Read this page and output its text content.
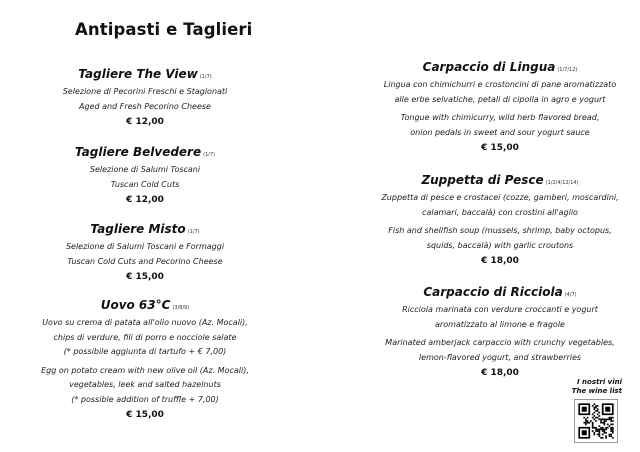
Antipasti e Taglieri
Tagliere The View (1/7)
Selezione di Pecorini Freschi e Stagionati
Aged and Fresh Pecorino Cheese
€ 12,00
Tagliere Belvedere (1/7)
Selezione di Salumi Toscani
Tuscan Cold Cuts
€ 12,00
Tagliere Misto (1/7)
Selezione di Salumi Toscani e Formaggi
Tuscan Cold Cuts and Pecorino Cheese
€ 15,00
Uovo 63°C (3/8/9)
Uovo su crema di patata all'olio nuovo (Az. Mocali),
chips di verdure, fili di porro e nocciole salate
(* possibile aggiunta di tartufo + € 7,00)
Egg on potato cream with new olive oil (Az. Mocali),
vegetables, leek and salted hazelnuts
(* possible addition of truffle + 7,00)
€ 15,00
Carpaccio di Lingua (1/7/12)
Lingua con chimichurri e crostoncini di pane aromatizzato
alle erbe selvatiche, petali di cipolla in agro e yogurt
Tongue with chimicurry, wild herb flavored bread,
onion pedals in sweet and sour yogurt sauce
€ 15,00
Zuppetta di Pesce (1/2/4/12/14)
Zuppetta di pesce e crostacei (cozze, gamberi, moscardini,
calamari, baccalà) con crostini all'aglio
Fish and shellfish soup (mussels, shrimp, baby octopus,
squids, baccalà) with garlic croutons
€ 18,00
Carpaccio di Ricciola (4/7)
Ricciola marinata con verdure croccanti e yogurt
aromatizzato al limone e fragole
Marinated amberjack carpaccio with crunchy vegetables,
lemon-flavored yogurt, and strawberries
€ 18,00
I nostri vini
The wine list
